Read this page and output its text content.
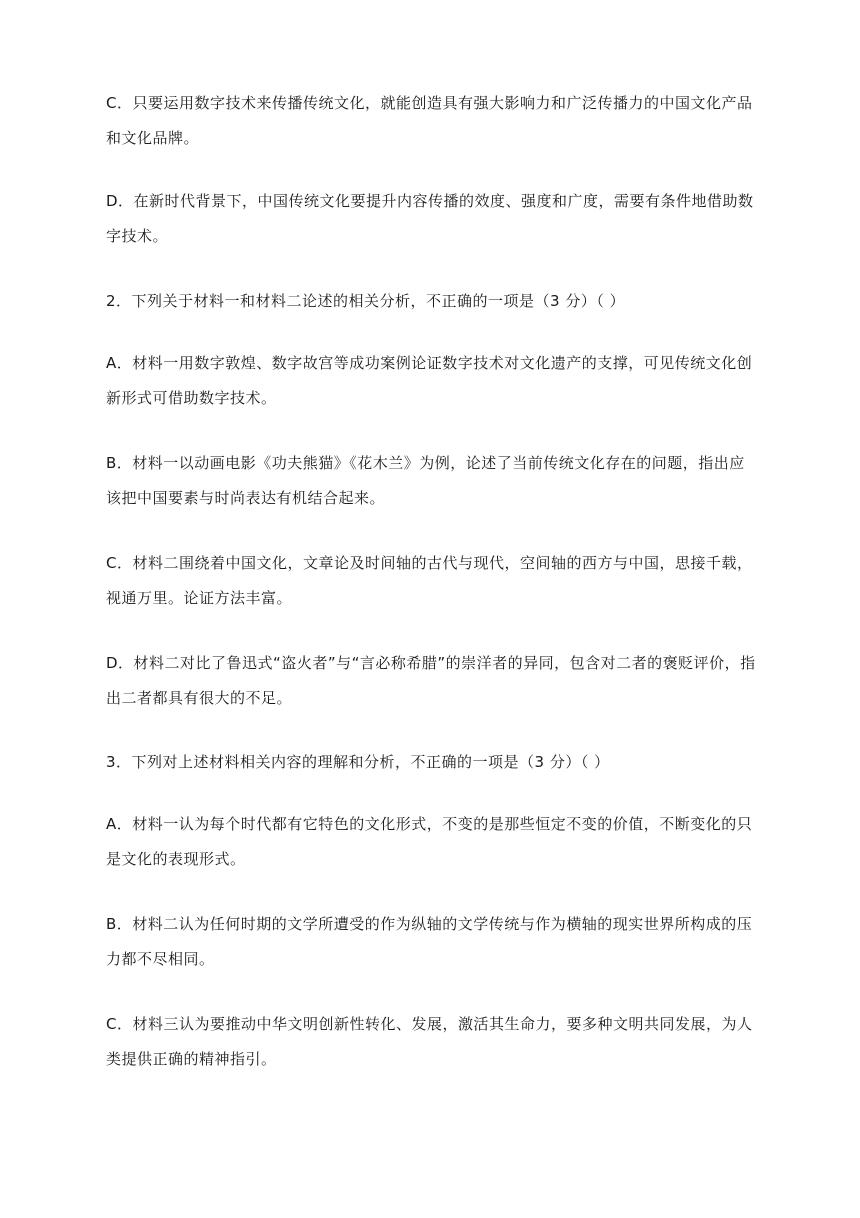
C．只要运用数字技术来传播传统文化，就能创造具有强大影响力和广泛传播力的中国文化产品和文化品牌。

D．在新时代背景下，中国传统文化要提升内容传播的效度、强度和广度，需要有条件地借助数字技术。

2．下列关于材料一和材料二论述的相关分析，不正确的一项是（3 分）（ ）

A．材料一用数字敦煌、数字故宫等成功案例论证数字技术对文化遗产的支撑，可见传统文化创新形式可借助数字技术。

B．材料一以动画电影《功夫熊猫》《花木兰》为例，论述了当前传统文化存在的问题，指出应该把中国要素与时尚表达有机结合起来。

C．材料二围绕着中国文化，文章论及时间轴的古代与现代，空间轴的西方与中国，思接千载，视通万里。论证方法丰富。

D．材料二对比了鲁迅式“盗火者”与“言必称希腊”的崇洋者的异同，包含对二者的褒贬评价，指出二者都具有很大的不足。

3．下列对上述材料相关内容的理解和分析，不正确的一项是（3 分）（ ）

A．材料一认为每个时代都有它特色的文化形式，不变的是那些恒定不变的价值，不断变化的只是文化的表现形式。

B．材料二认为任何时期的文学所遭受的作为纵轴的文学传统与作为横轴的现实世界所构成的压力都不尽相同。

C．材料三认为要推动中华文明创新性转化、发展，激活其生命力，要多种文明共同发展，为人类提供正确的精神指引。
